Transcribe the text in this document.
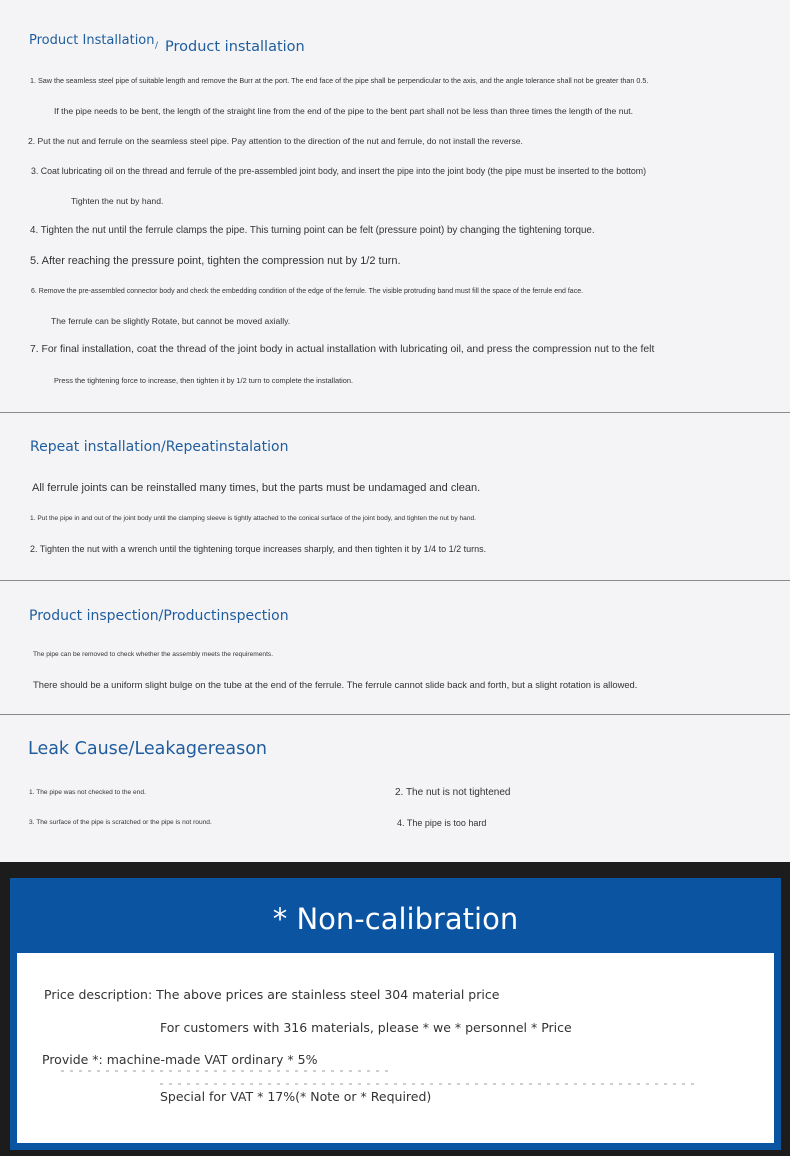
Product Installation / Product installation
1. Saw the seamless steel pipe of suitable length and remove the Burr at the port. The end face of the pipe shall be perpendicular to the axis, and the angle tolerance shall not be greater than 0.5.
If the pipe needs to be bent, the length of the straight line from the end of the pipe to the bent part shall not be less than three times the length of the nut.
2. Put the nut and ferrule on the seamless steel pipe. Pay attention to the direction of the nut and ferrule, do not install the reverse.
3. Coat lubricating oil on the thread and ferrule of the pre-assembled joint body, and insert the pipe into the joint body (the pipe must be inserted to the bottom)
Tighten the nut by hand.
4. Tighten the nut until the ferrule clamps the pipe. This turning point can be felt (pressure point) by changing the tightening torque.
5. After reaching the pressure point, tighten the compression nut by 1/2 turn.
6. Remove the pre-assembled connector body and check the embedding condition of the edge of the ferrule. The visible protruding band must fill the space of the ferrule end face.
The ferrule can be slightly Rotate, but cannot be moved axially.
7. For final installation, coat the thread of the joint body in actual installation with lubricating oil, and press the compression nut to the felt
Press the tightening force to increase, then tighten it by 1/2 turn to complete the installation.
Repeat installation/Repeatinstalation
All ferrule joints can be reinstalled many times, but the parts must be undamaged and clean.
1. Put the pipe in and out of the joint body until the clamping sleeve is tightly attached to the conical surface of the joint body, and tighten the nut by hand.
2. Tighten the nut with a wrench until the tightening torque increases sharply, and then tighten it by 1/4 to 1/2 turns.
Product inspection/Productinspection
The pipe can be removed to check whether the assembly meets the requirements.
There should be a uniform slight bulge on the tube at the end of the ferrule. The ferrule cannot slide back and forth, but a slight rotation is allowed.
Leak Cause/Leakagereason
1. The pipe was not checked to the end.	2. The nut is not tightened
3. The surface of the pipe is scratched or the pipe is not round.	4. The pipe is too hard
* Non-calibration
Price description: The above prices are stainless steel 304 material price
For customers with 316 materials, please * we * personnel * Price
Provide *: machine-made VAT ordinary * 5%
Special for VAT * 17%(* Note or * Required)
